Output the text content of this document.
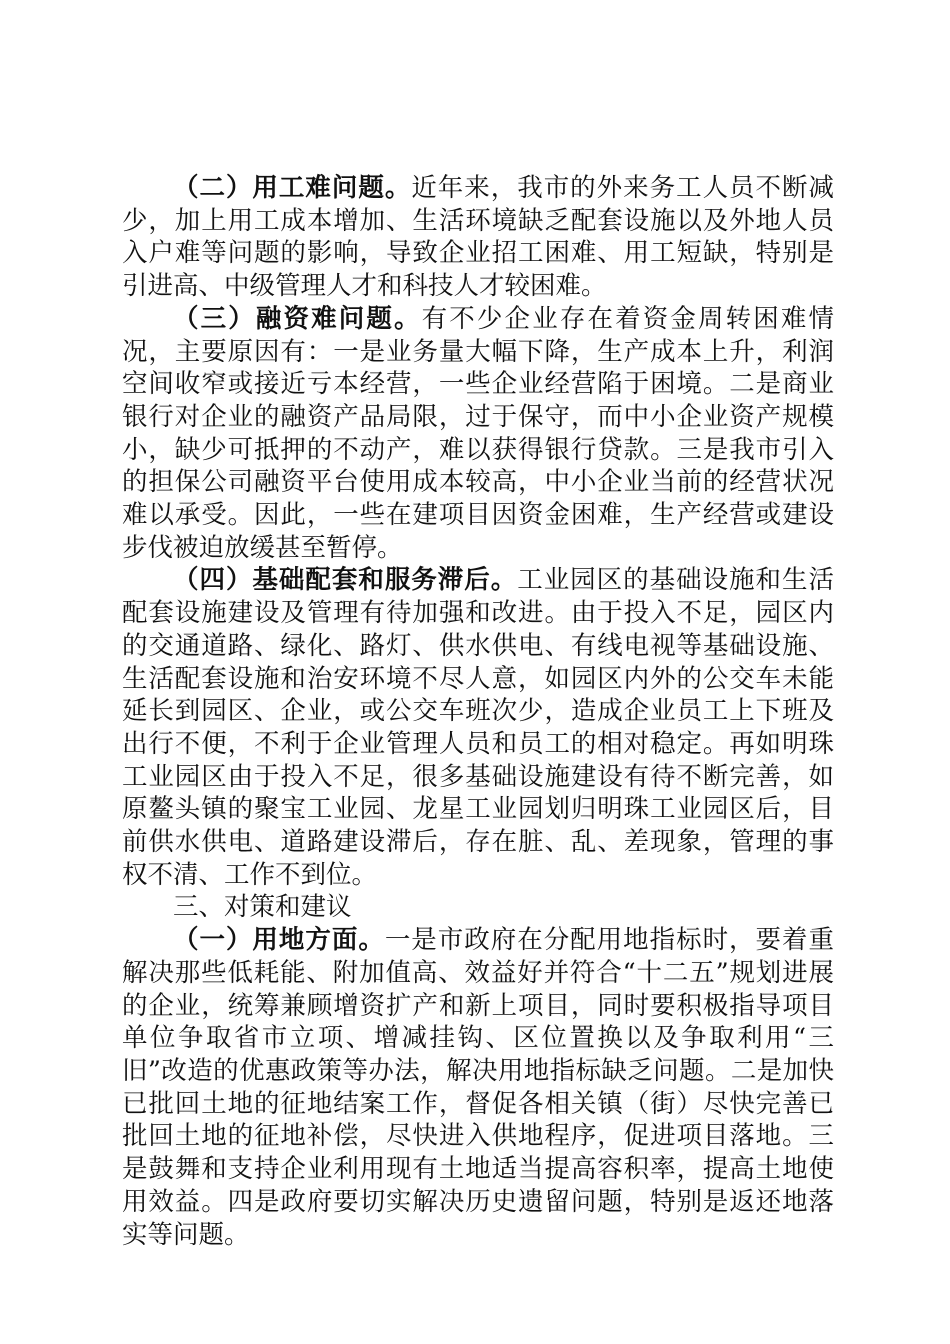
（二）用工难问题。近年来，我市的外来务工人员不断减少，加上用工成本增加、生活环境缺乏配套设施以及外地人员入户难等问题的影响，导致企业招工困难、用工短缺，特别是引进高、中级管理人才和科技人才较困难。

（三）融资难问题。有不少企业存在着资金周转困难情况，主要原因有：一是业务量大幅下降，生产成本上升，利润空间收窄或接近亏本经营，一些企业经营陷于困境。二是商业银行对企业的融资产品局限，过于保守，而中小企业资产规模小，缺少可抵押的不动产，难以获得银行贷款。三是我市引入的担保公司融资平台使用成本较高，中小企业当前的经营状况难以承受。因此，一些在建项目因资金困难，生产经营或建设步伐被迫放缓甚至暂停。

（四）基础配套和服务滞后。工业园区的基础设施和生活配套设施建设及管理有待加强和改进。由于投入不足，园区内的交通道路、绿化、路灯、供水供电、有线电视等基础设施、生活配套设施和治安环境不尽人意，如园区内外的公交车未能延长到园区、企业，或公交车班次少，造成企业员工上下班及出行不便，不利于企业管理人员和员工的相对稳定。再如明珠工业园区由于投入不足，很多基础设施建设有待不断完善，如原鳌头镇的聚宝工业园、龙星工业园划归明珠工业园区后，目前供水供电、道路建设滞后，存在脏、乱、差现象，管理的事权不清、工作不到位。

三、对策和建议

（一）用地方面。一是市政府在分配用地指标时，要着重解决那些低耗能、附加值高、效益好并符合“十二五”规划进展的企业，统筹兼顾增资扩产和新上项目，同时要积极指导项目单位争取省市立项、增减挂钩、区位置换以及争取利用“三旧”改造的优惠政策等办法，解决用地指标缺乏问题。二是加快已批回土地的征地结案工作，督促各相关镇（街）尽快完善已批回土地的征地补偿，尽快进入供地程序，促进项目落地。三是鼓舞和支持企业利用现有土地适当提高容积率，提高土地使用效益。四是政府要切实解决历史遗留问题，特别是返还地落实等问题。
